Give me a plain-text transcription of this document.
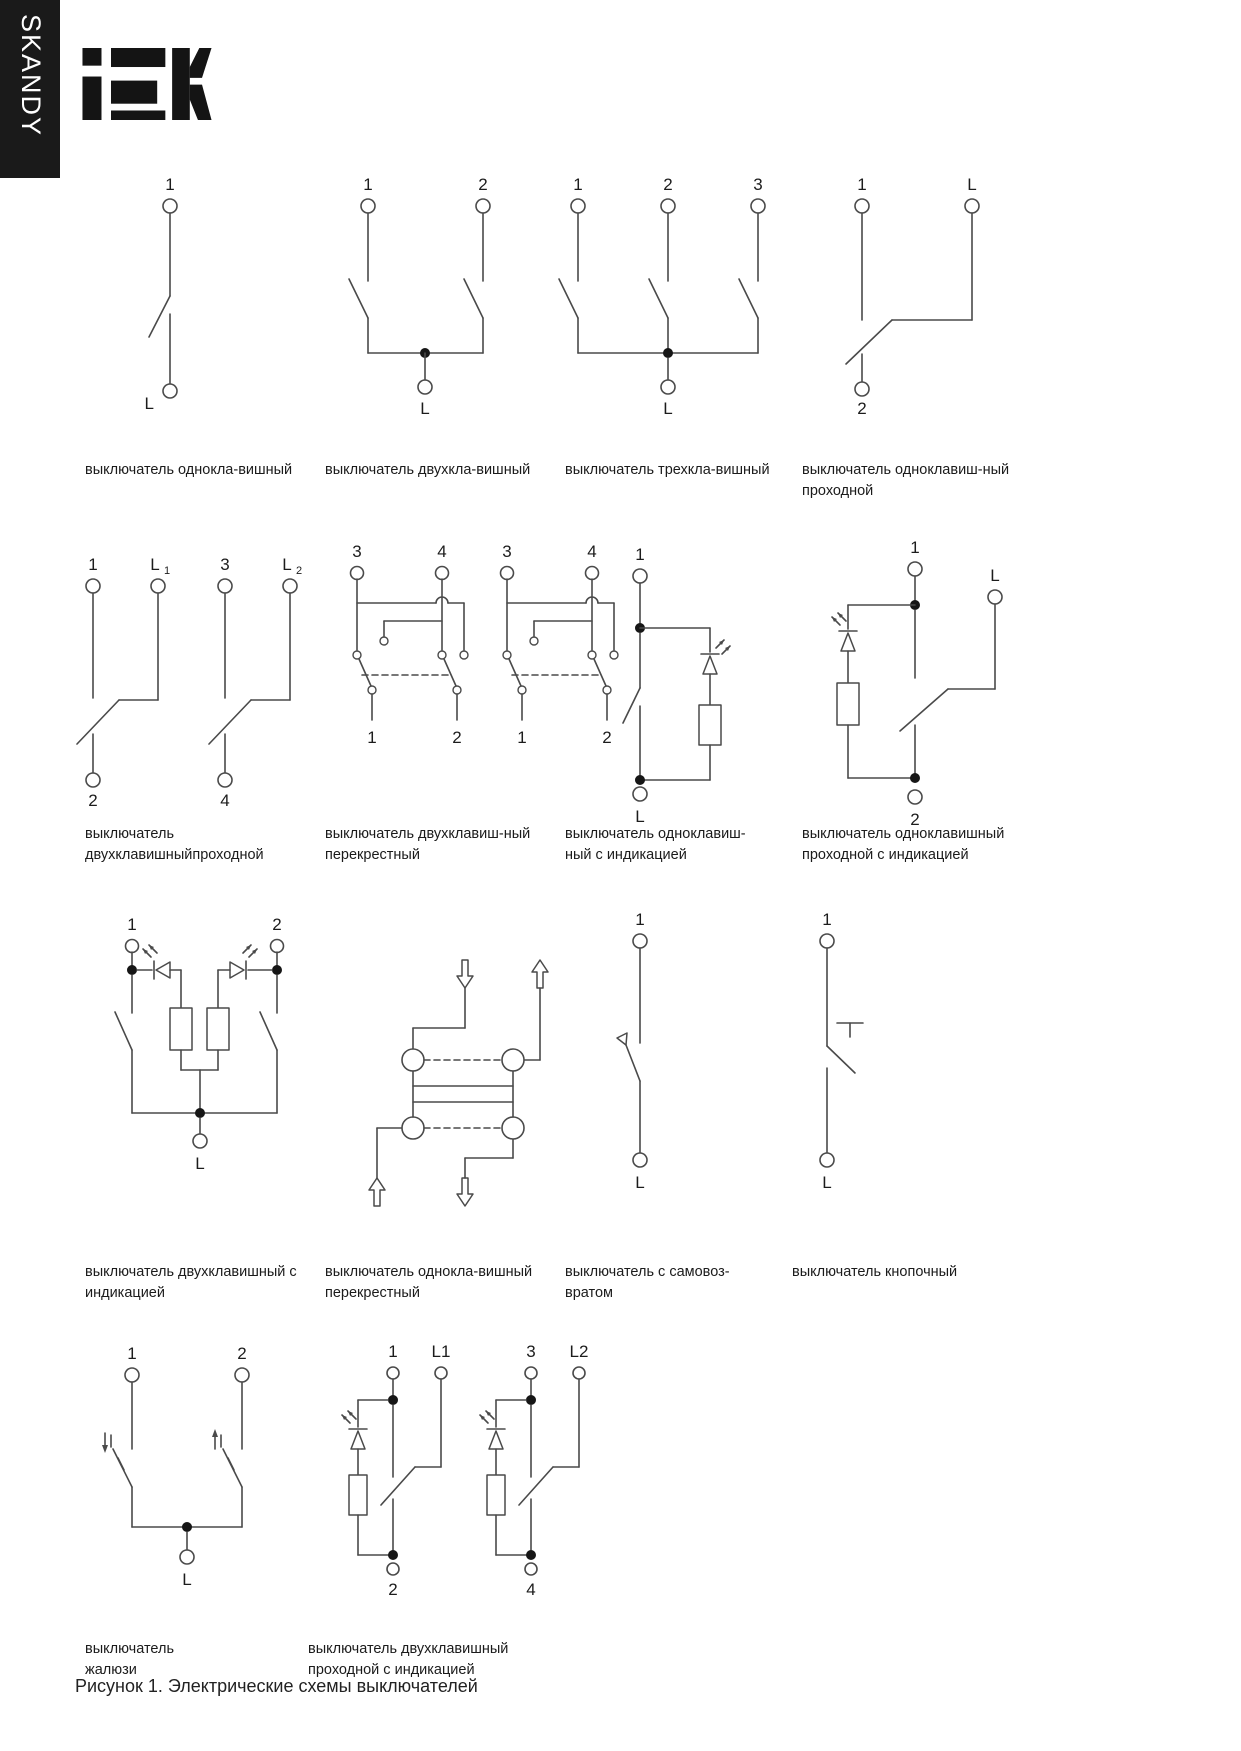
SKANDY
1
L
1	2
L
1	2	3
L
1	L
2
выключатель однокла-вишный выключатель двухкла-вишный выключатель трехкла-вишный выключатель одноклавиш-ный
проходной
1	L 1
2
3	L 2
4
3	4
1	2
3	4
1	2
1
L
1
L
2
выключатель
двухклавишныйпроходной
выключатель двухклавиш-ный
перекрестный
выключатель одноклавиш-
ный с индикацией
выключатель одноклавишный
проходной с индикацией
1	2
L
1
L
1
L
выключатель двухклавишный с
индикацией
выключатель однокла-вишный
перекрестный
выключатель с самовоз-
вратом
выключатель кнопочный
1	2
L
1 L1
2
3 L2
4
выключатель
жалюзи
выключатель двухклавишный
проходной с индикацией
Рисунок 1. Электрические схемы выключателей
